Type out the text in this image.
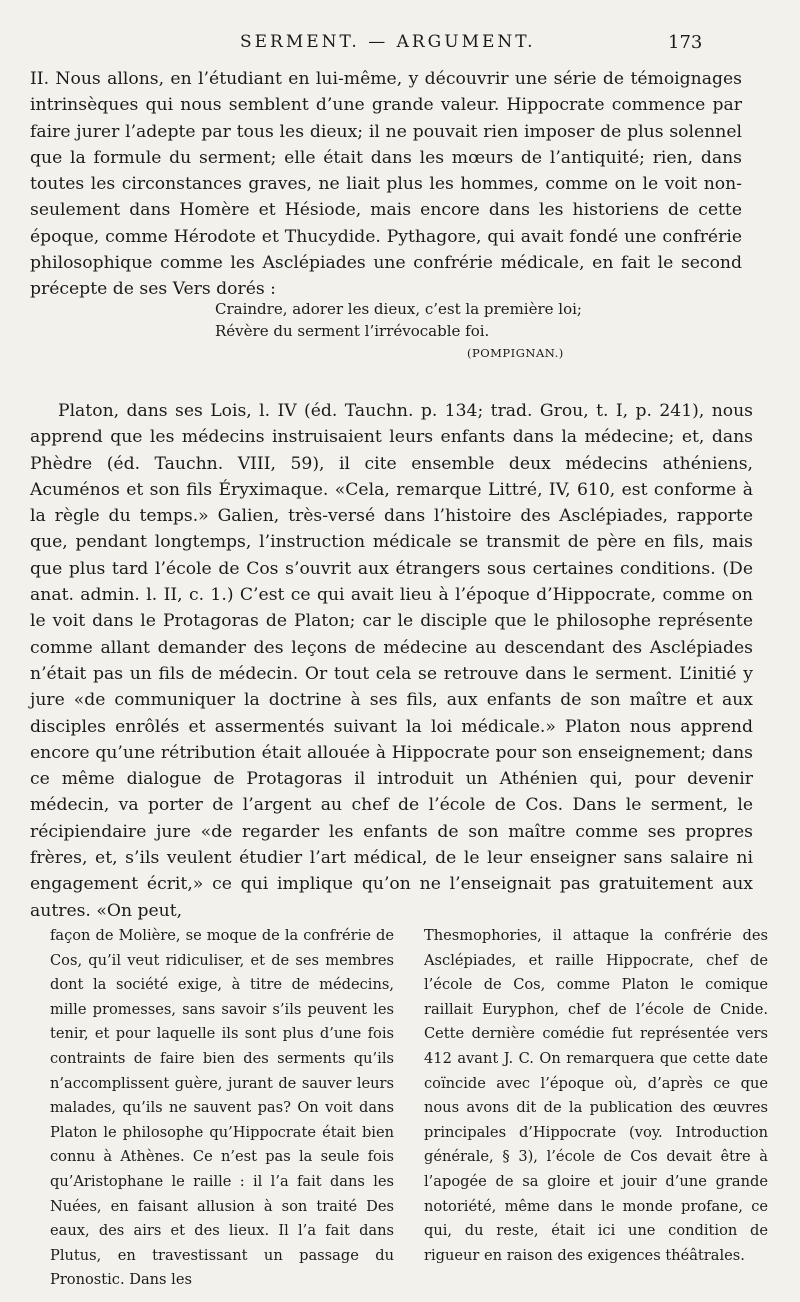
SERMENT. — ARGUMENT.	173

II. Nous allons, en l’étudiant en lui-même, y découvrir une série de témoignages intrinsèques qui nous semblent d’une grande valeur. Hippocrate commence par faire jurer l’adepte par tous les dieux; il ne pouvait rien imposer de plus solennel que la formule du serment; elle était dans les mœurs de l’antiquité; rien, dans toutes les circonstances graves, ne liait plus les hommes, comme on le voit non-seulement dans Homère et Hésiode, mais encore dans les historiens de cette époque, comme Hérodote et Thucydide. Pythagore, qui avait fondé une confrérie philosophique comme les Asclépiades une confrérie médicale, en fait le second précepte de ses Vers dorés :

Craindre, adorer les dieux, c’est la première loi;
Révère du serment l’irrévocable foi.
(POMPIGNAN.)

Platon, dans ses Lois, l. IV (éd. Tauchn. p. 134; trad. Grou, t. I, p. 241), nous apprend que les médecins instruisaient leurs enfants dans la médecine; et, dans Phèdre (éd. Tauchn. VIII, 59), il cite ensemble deux médecins athéniens, Acuménos et son fils Éryximaque. «Cela, remarque Littré, IV, 610, est conforme à la règle du temps.» Galien, très-versé dans l’histoire des Asclépiades, rapporte que, pendant longtemps, l’instruction médicale se transmit de père en fils, mais que plus tard l’école de Cos s’ouvrit aux étrangers sous certaines conditions. (De anat. admin. l. II, c. 1.) C’est ce qui avait lieu à l’époque d’Hippocrate, comme on le voit dans le Protagoras de Platon; car le disciple que le philosophe représente comme allant demander des leçons de médecine au descendant des Asclépiades n’était pas un fils de médecin. Or tout cela se retrouve dans le serment. L’initié y jure «de communiquer la doctrine à ses fils, aux enfants de son maître et aux disciples enrôlés et assermentés suivant la loi médicale.» Platon nous apprend encore qu’une rétribution était allouée à Hippocrate pour son enseignement; dans ce même dialogue de Protagoras il introduit un Athénien qui, pour devenir médecin, va porter de l’argent au chef de l’école de Cos. Dans le serment, le récipiendaire jure «de regarder les enfants de son maître comme ses propres frères, et, s’ils veulent étudier l’art médical, de le leur enseigner sans salaire ni engagement écrit,» ce qui implique qu’on ne l’enseignait pas gratuitement aux autres. «On peut,

façon de Molière, se moque de la confrérie de Cos, qu’il veut ridiculiser, et de ses membres dont la société exige, à titre de médecins, mille promesses, sans savoir s’ils peuvent les tenir, et pour laquelle ils sont plus d’une fois contraints de faire bien des serments qu’ils n’accomplissent guère, jurant de sauver leurs malades, qu’ils ne sauvent pas? On voit dans Platon le philosophe qu’Hippocrate était bien connu à Athènes. Ce n’est pas la seule fois qu’Aristophane le raille : il l’a fait dans les Nuées, en faisant allusion à son traité Des eaux, des airs et des lieux. Il l’a fait dans Plutus, en travestissant un passage du Pronostic. Dans les

Thesmophories, il attaque la confrérie des Asclépiades, et raille Hippocrate, chef de l’école de Cos, comme Platon le comique raillait Euryphon, chef de l’école de Cnide. Cette dernière comédie fut représentée vers 412 avant J. C. On remarquera que cette date coïncide avec l’époque où, d’après ce que nous avons dit de la publication des œuvres principales d’Hippocrate (voy. Introduction générale, § 3), l’école de Cos devait être à l’apogée de sa gloire et jouir d’une grande notoriété, même dans le monde profane, ce qui, du reste, était ici une condition de rigueur en raison des exigences théâtrales.
